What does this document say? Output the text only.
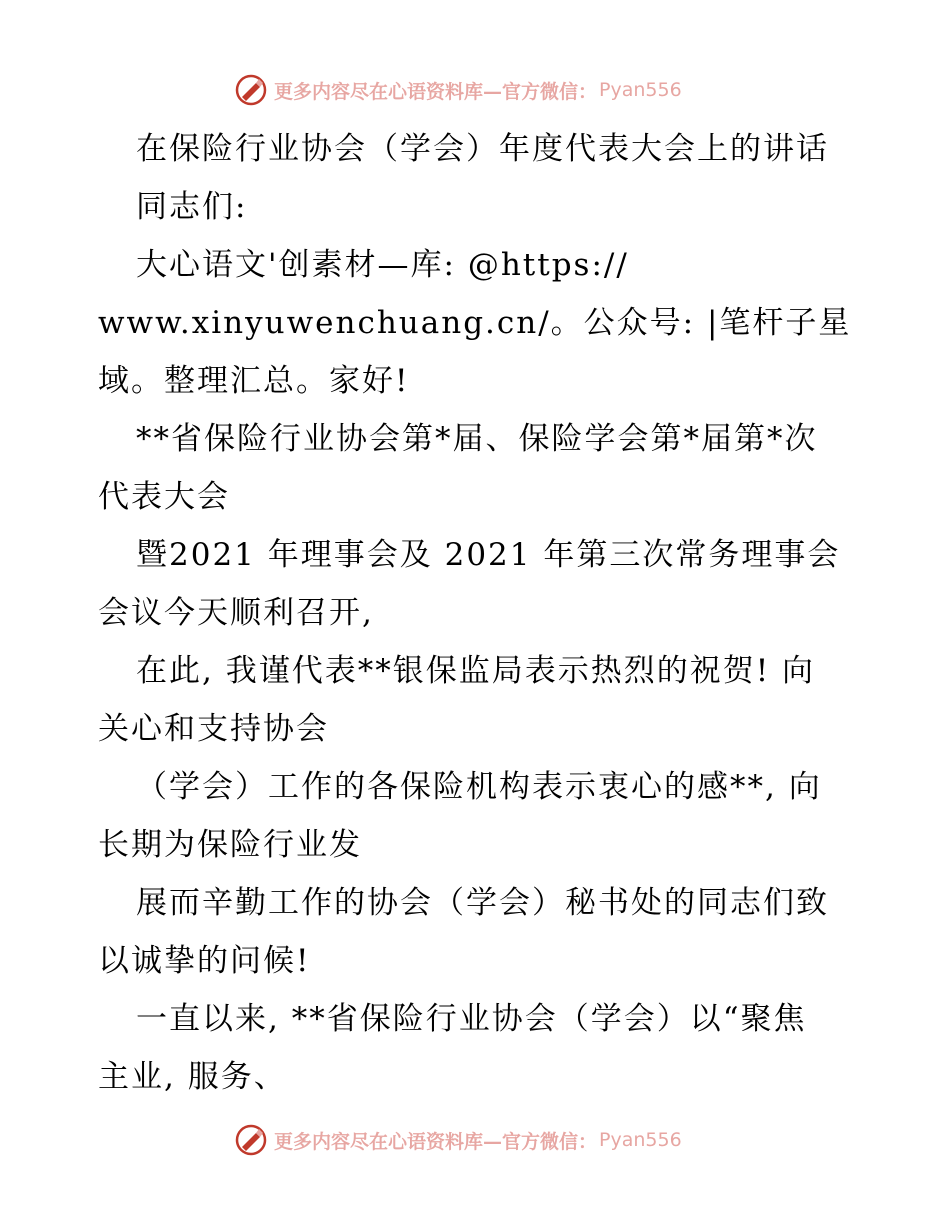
更多内容尽在心语资料库—官方微信： Pyan556
在保险行业协会（学会）年度代表大会上的讲话
同志们:
大心语文'创素材—库: @https://
www.xinyuwenchuang.cn/。公众号: |笔杆子星
域。整理汇总。家好!
**省保险行业协会第*届、保险学会第*届第*次
代表大会
暨2021 年理事会及 2021 年第三次常务理事会
会议今天顺利召开,
在此, 我谨代表**银保监局表示热烈的祝贺! 向
关心和支持协会
（学会）工作的各保险机构表示衷心的感**, 向
长期为保险行业发
展而辛勤工作的协会（学会）秘书处的同志们致
以诚挚的问候!
一直以来, **省保险行业协会（学会）以“聚焦
主业, 服务、
更多内容尽在心语资料库—官方微信： Pyan556
